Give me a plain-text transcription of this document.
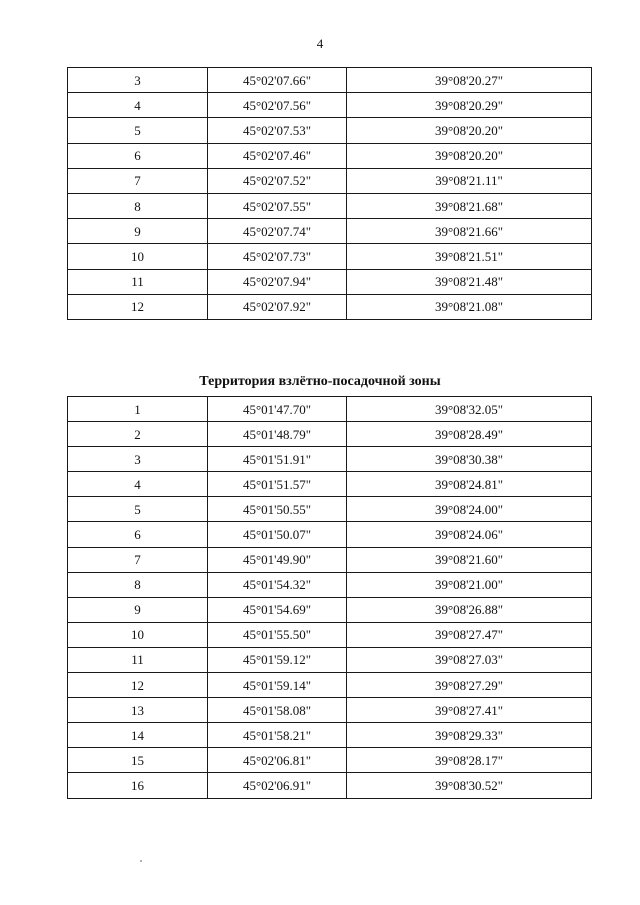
4
3	45°02'07.66"	39°08'20.27"
4	45°02'07.56"	39°08'20.29"
5	45°02'07.53"	39°08'20.20"
6	45°02'07.46"	39°08'20.20"
7	45°02'07.52"	39°08'21.11"
8	45°02'07.55"	39°08'21.68"
9	45°02'07.74"	39°08'21.66"
10	45°02'07.73"	39°08'21.51"
11	45°02'07.94"	39°08'21.48"
12	45°02'07.92"	39°08'21.08"
Территория взлётно-посадочной зоны
1	45°01'47.70"	39°08'32.05"
2	45°01'48.79"	39°08'28.49"
3	45°01'51.91"	39°08'30.38"
4	45°01'51.57"	39°08'24.81"
5	45°01'50.55"	39°08'24.00"
6	45°01'50.07"	39°08'24.06"
7	45°01'49.90"	39°08'21.60"
8	45°01'54.32"	39°08'21.00"
9	45°01'54.69"	39°08'26.88"
10	45°01'55.50"	39°08'27.47"
11	45°01'59.12"	39°08'27.03"
12	45°01'59.14"	39°08'27.29"
13	45°01'58.08"	39°08'27.41"
14	45°01'58.21"	39°08'29.33"
15	45°02'06.81"	39°08'28.17"
16	45°02'06.91"	39°08'30.52"
